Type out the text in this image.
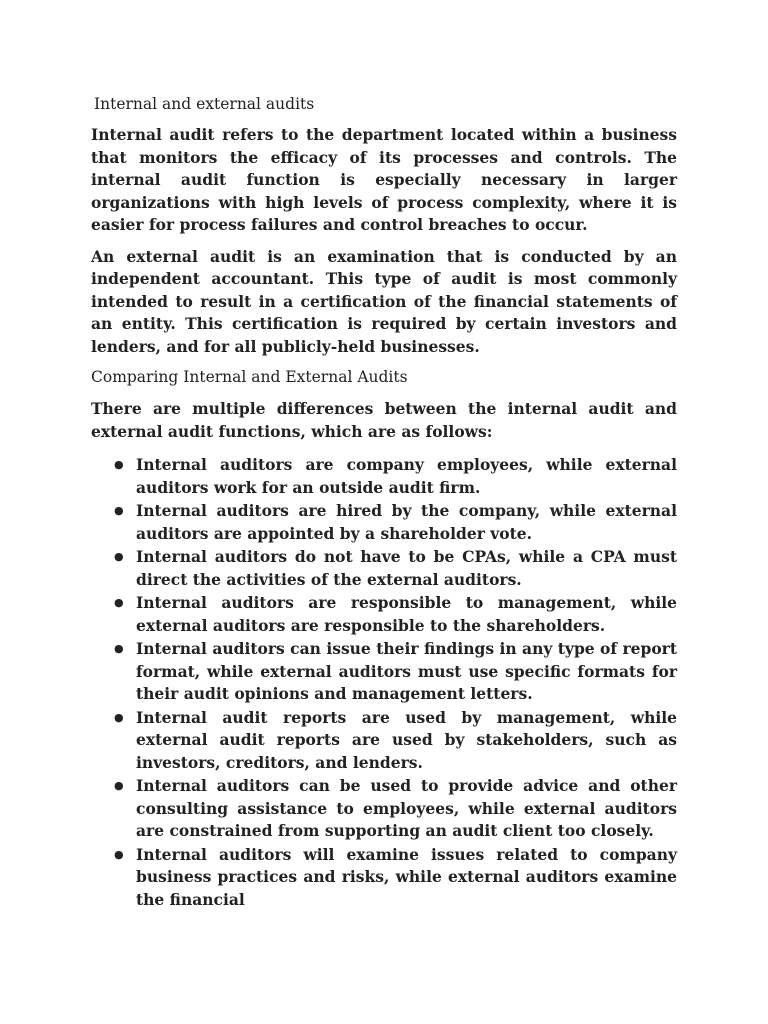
Internal and external audits

Internal audit refers to the department located within a business that monitors the efficacy of its processes and controls. The internal audit function is especially necessary in larger organizations with high levels of process complexity, where it is easier for process failures and control breaches to occur.

An external audit is an examination that is conducted by an independent accountant. This type of audit is most commonly intended to result in a certification of the financial statements of an entity. This certification is required by certain investors and lenders, and for all publicly-held businesses.

Comparing Internal and External Audits

There are multiple differences between the internal audit and external audit functions, which are as follows:

● Internal auditors are company employees, while external auditors work for an outside audit firm.
● Internal auditors are hired by the company, while external auditors are appointed by a shareholder vote.
● Internal auditors do not have to be CPAs, while a CPA must direct the activities of the external auditors.
● Internal auditors are responsible to management, while external auditors are responsible to the shareholders.
● Internal auditors can issue their findings in any type of report format, while external auditors must use specific formats for their audit opinions and management letters.
● Internal audit reports are used by management, while external audit reports are used by stakeholders, such as investors, creditors, and lenders.
● Internal auditors can be used to provide advice and other consulting assistance to employees, while external auditors are constrained from supporting an audit client too closely.
● Internal auditors will examine issues related to company business practices and risks, while external auditors examine the financial
